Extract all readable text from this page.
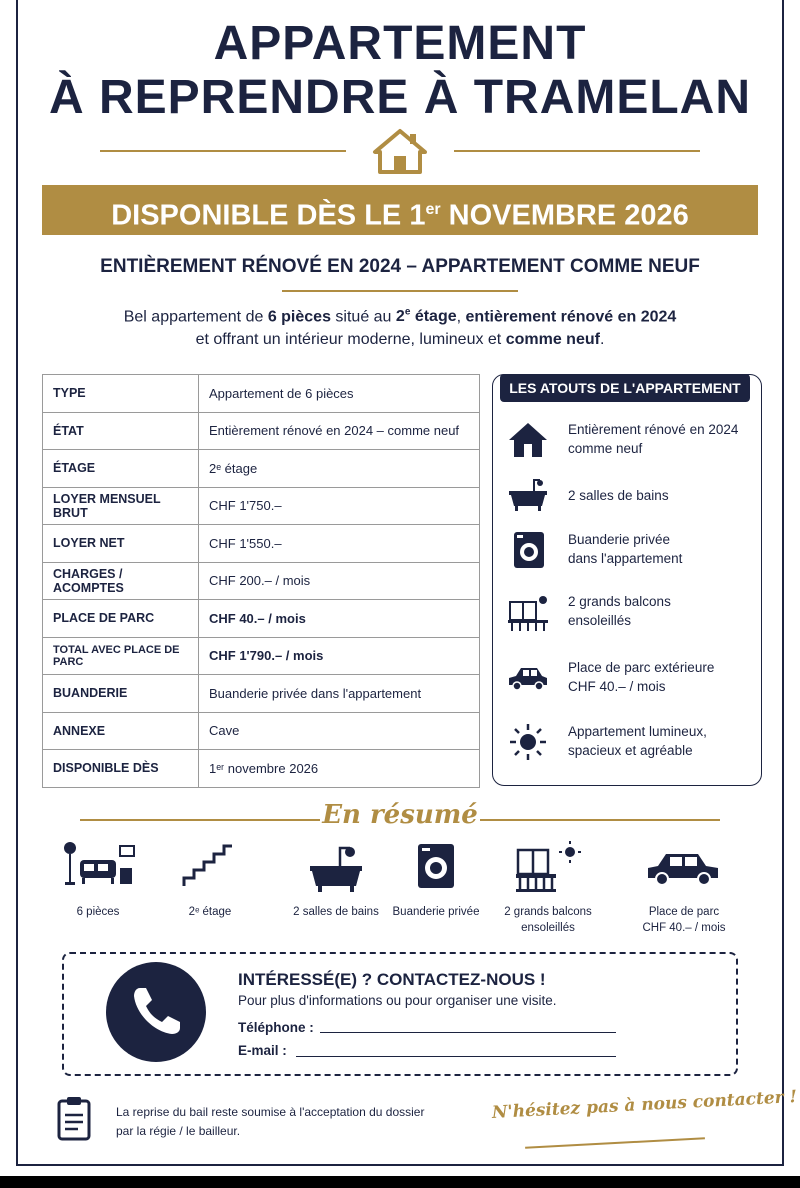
APPARTEMENT
À REPRENDRE À TRAMELAN
DISPONIBLE DÈS LE 1er NOVEMBRE 2026
ENTIÈREMENT RÉNOVÉ EN 2024 – APPARTEMENT COMME NEUF
Bel appartement de 6 pièces situé au 2e étage, entièrement rénové en 2024
et offrant un intérieur moderne, lumineux et comme neuf.
TYPE	Appartement de 6 pièces
ÉTAT	Entièrement rénové en 2024 – comme neuf
ÉTAGE	2ᵉ étage
LOYER MENSUEL BRUT	CHF 1'750.–
LOYER NET	CHF 1'550.–
CHARGES / ACOMPTES	CHF 200.– / mois
PLACE DE PARC	CHF 40.– / mois
TOTAL AVEC PLACE DE PARC	CHF 1'790.– / mois
BUANDERIE	Buanderie privée dans l'appartement
ANNEXE	Cave
DISPONIBLE DÈS	1ᵉʳ novembre 2026
LES ATOUTS DE L'APPARTEMENT
Entièrement rénové en 2024
comme neuf
2 salles de bains
Buanderie privée
dans l'appartement
2 grands balcons
ensoleillés
Place de parc extérieure
CHF 40.– / mois
Appartement lumineux,
spacieux et agréable
En résumé
6 pièces	2ᵉ étage	2 salles de bains	Buanderie privée	2 grands balcons
ensoleillés
Place de parc
CHF 40.– / mois
INTÉRESSÉ(E) ? CONTACTEZ-NOUS !
Pour plus d'informations ou pour organiser une visite.
Téléphone :
E-mail :
La reprise du bail reste soumise à l'acceptation du dossier
par la régie / le bailleur.
N'hésitez pas à nous contacter !
